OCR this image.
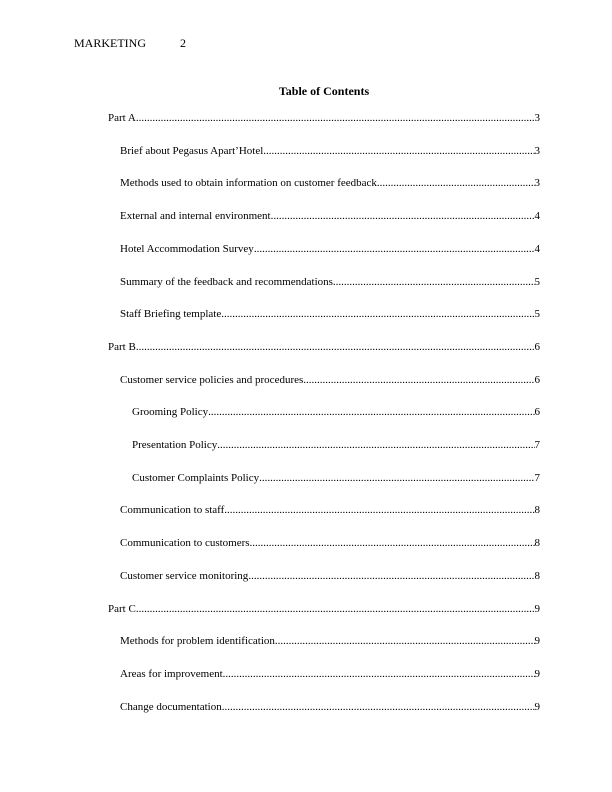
MARKETING	2
Table of Contents
Part A .....	3
Brief about Pegasus Apart’Hotel .....	3
Methods used to obtain information on customer feedback .....	3
External and internal environment .....	4
Hotel Accommodation Survey .....	4
Summary of the feedback and recommendations .....	5
Staff Briefing template .....	5
Part B .....	6
Customer service policies and procedures .....	6
Grooming Policy .....	6
Presentation Policy .....	7
Customer Complaints Policy .....	7
Communication to staff .....	8
Communication to customers .....	8
Customer service monitoring .....	8
Part C .....	9
Methods for problem identification .....	9
Areas for improvement .....	9
Change documentation .....	9
